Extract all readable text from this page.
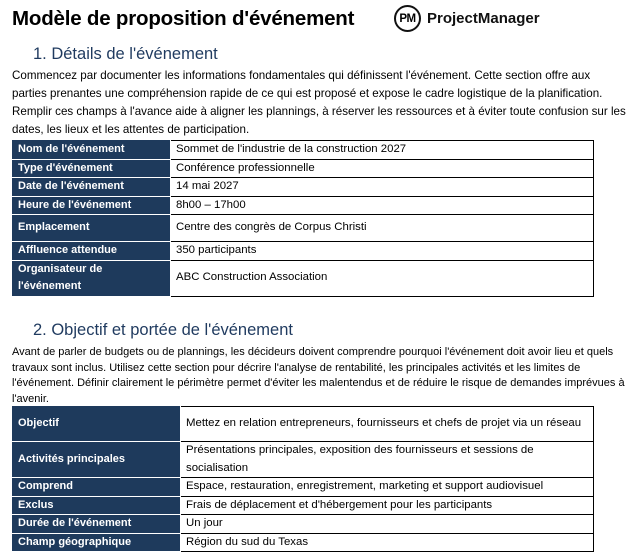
Modèle de proposition d'événement	PM ProjectManager
1. Détails de l'événement

Commencez par documenter les informations fondamentales qui définissent l'événement. Cette section offre aux parties prenantes une compréhension rapide de ce qui est proposé et expose le cadre logistique de la planification. Remplir ces champs à l'avance aide à aligner les plannings, à réserver les ressources et à éviter toute confusion sur les dates, les lieux et les attentes de participation.

Nom de l'événement	Sommet de l'industrie de la construction 2027
Type d'événement	Conférence professionnelle
Date de l'événement	14 mai 2027
Heure de l'événement	8h00 – 17h00
Emplacement	Centre des congrès de Corpus Christi
Affluence attendue	350 participants
Organisateur de l'événement	ABC Construction Association
2. Objectif et portée de l'événement

Avant de parler de budgets ou de plannings, les décideurs doivent comprendre pourquoi l'événement doit avoir lieu et quels travaux sont inclus. Utilisez cette section pour décrire l'analyse de rentabilité, les principales activités et les limites de l'événement. Définir clairement le périmètre permet d'éviter les malentendus et de réduire le risque de demandes imprévues à l'avenir.

Objectif	Mettez en relation entrepreneurs, fournisseurs et chefs de projet via un réseau
Activités principales	Présentations principales, exposition des fournisseurs et sessions de socialisation
Comprend	Espace, restauration, enregistrement, marketing et support audiovisuel
Exclus	Frais de déplacement et d'hébergement pour les participants
Durée de l'événement	Un jour
Champ géographique	Région du sud du Texas
